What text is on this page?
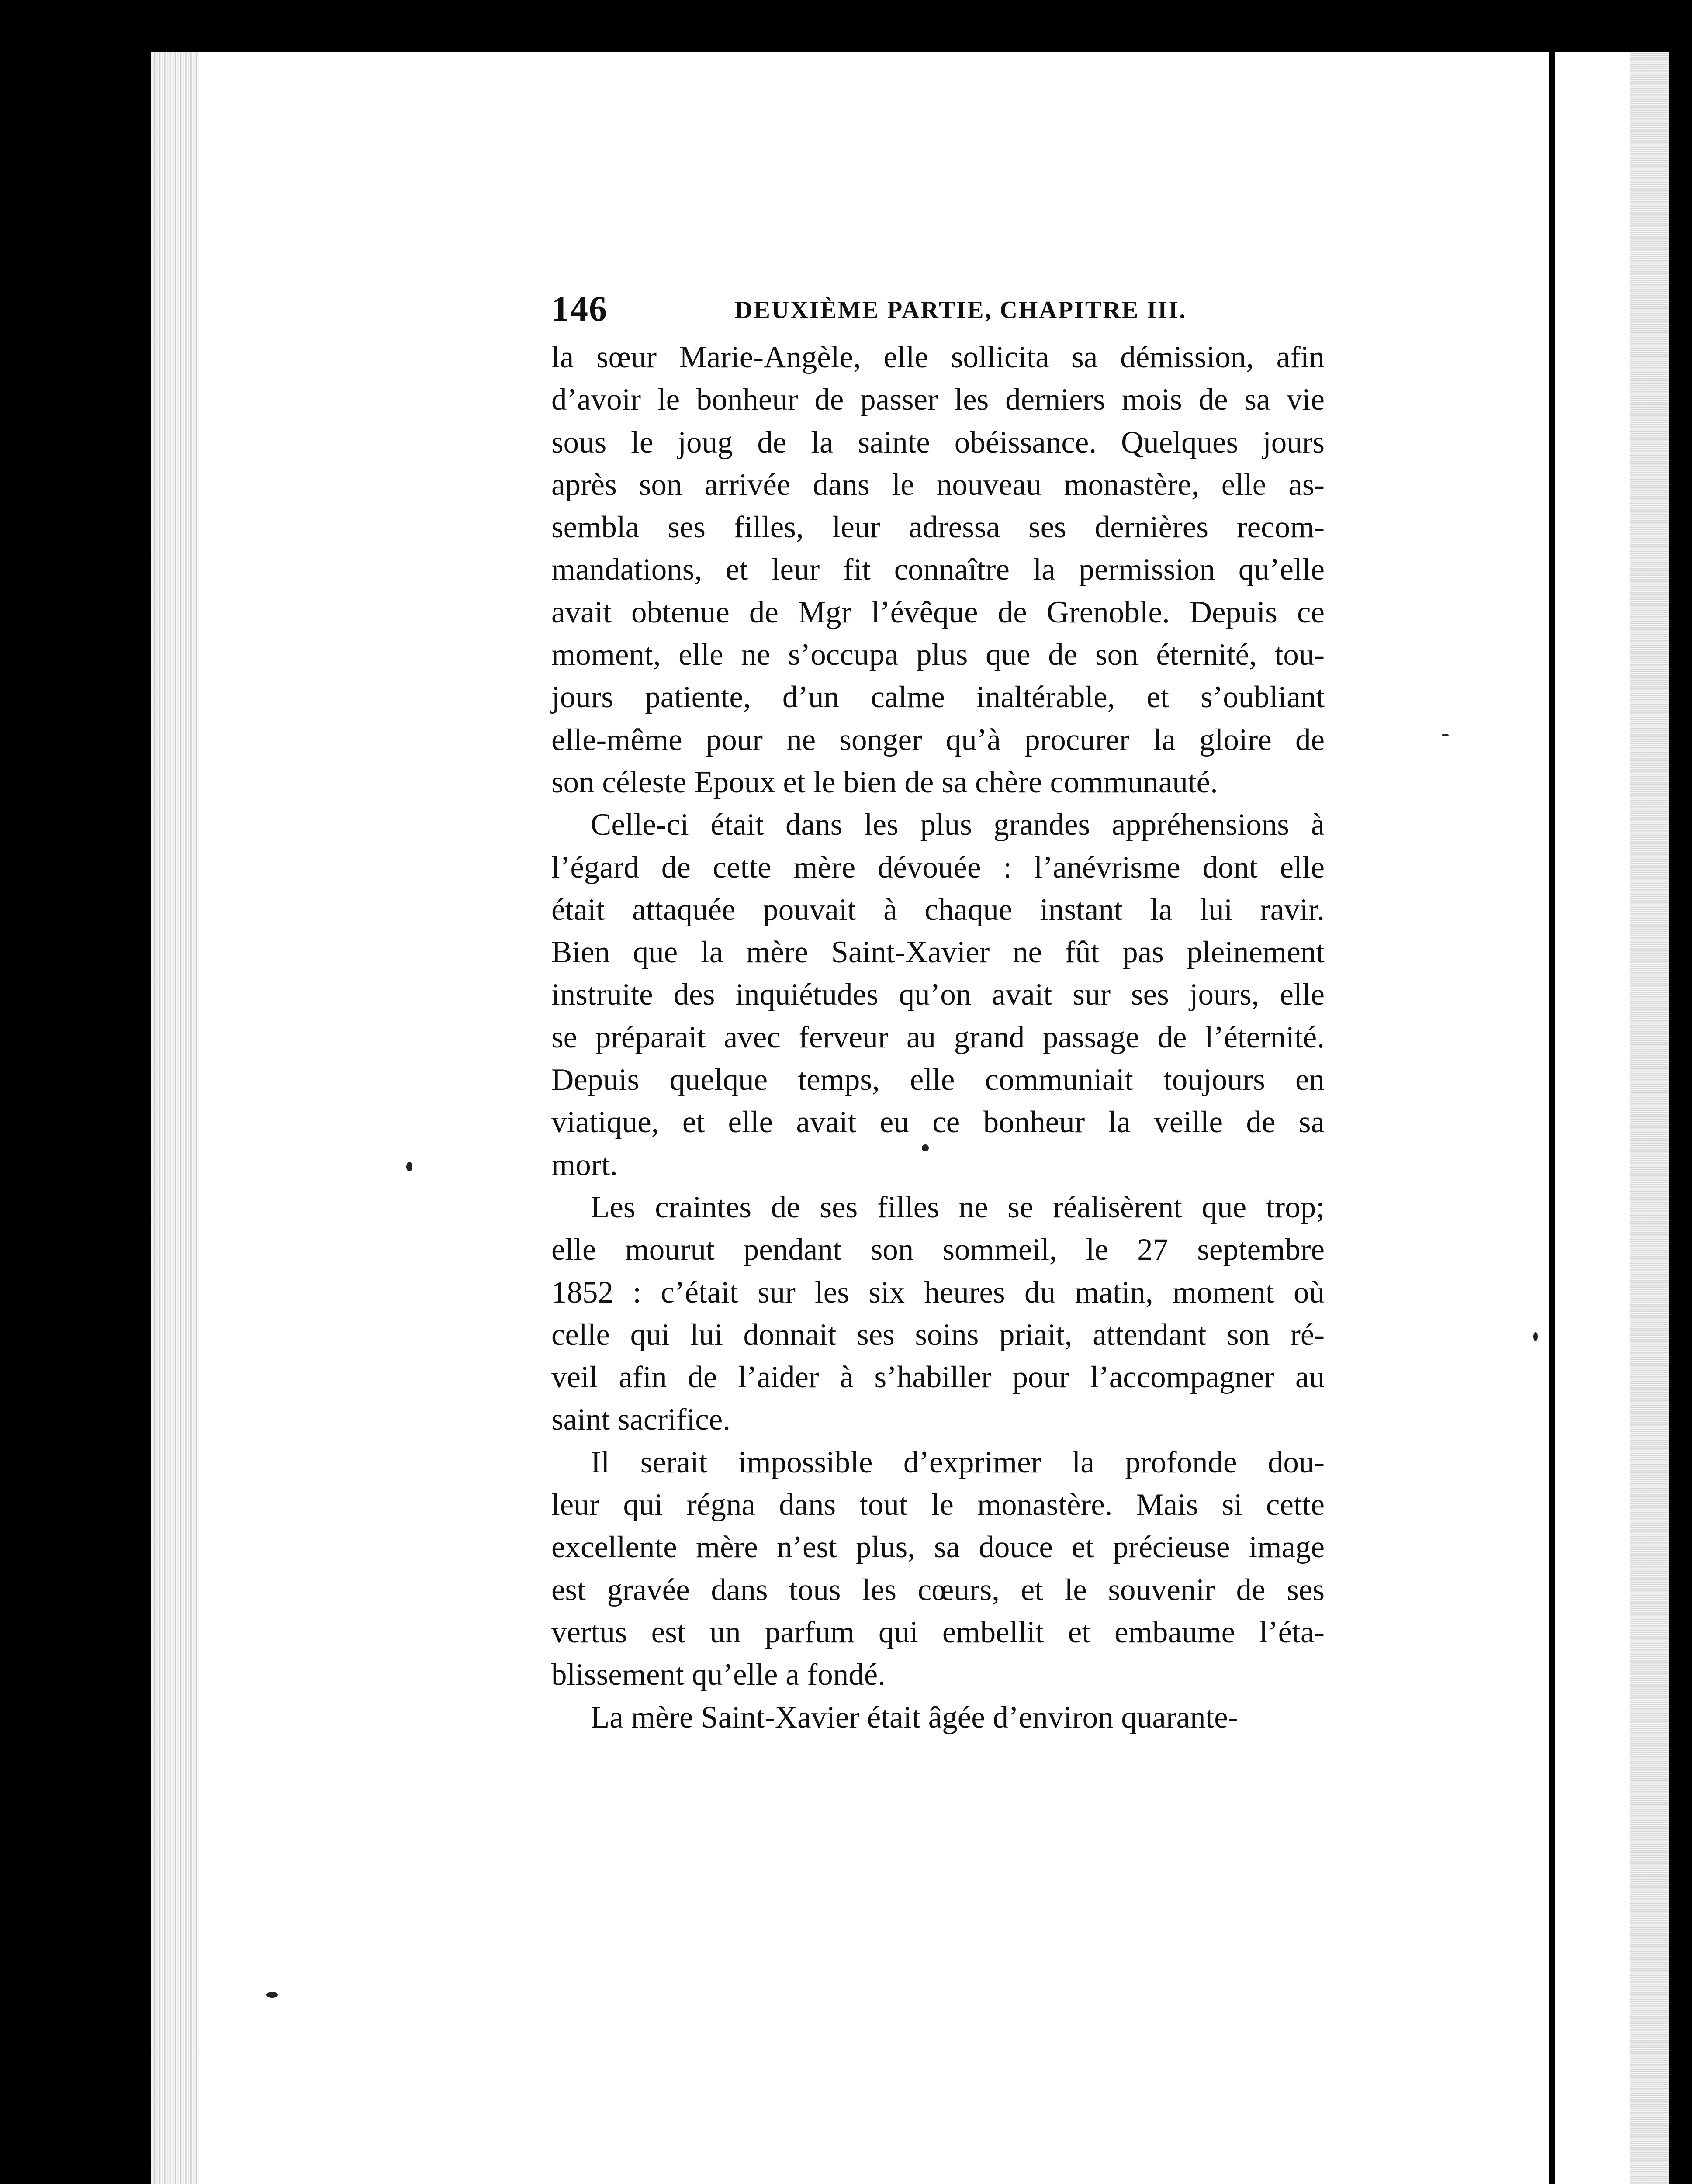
146	DEUXIÈME PARTIE, CHAPITRE III.
la sœur Marie-Angèle, elle sollicita sa démission, afin
d’avoir le bonheur de passer les derniers mois de sa vie
sous le joug de la sainte obéissance. Quelques jours
après son arrivée dans le nouveau monastère, elle as-
sembla ses filles, leur adressa ses dernières recom-
mandations, et leur fit connaître la permission qu’elle
avait obtenue de Mgr l’évêque de Grenoble. Depuis ce
moment, elle ne s’occupa plus que de son éternité, tou-
jours patiente, d’un calme inaltérable, et s’oubliant
elle-même pour ne songer qu’à procurer la gloire de
son céleste Epoux et le bien de sa chère communauté.
Celle-ci était dans les plus grandes appréhensions à
l’égard de cette mère dévouée : l’anévrisme dont elle
était attaquée pouvait à chaque instant la lui ravir.
Bien que la mère Saint-Xavier ne fût pas pleinement
instruite des inquiétudes qu’on avait sur ses jours, elle
se préparait avec ferveur au grand passage de l’éternité.
Depuis quelque temps, elle communiait toujours en
viatique, et elle avait eu ce bonheur la veille de sa
mort.
Les craintes de ses filles ne se réalisèrent que trop;
elle mourut pendant son sommeil, le 27 septembre
1852 : c’était sur les six heures du matin, moment où
celle qui lui donnait ses soins priait, attendant son ré-
veil afin de l’aider à s’habiller pour l’accompagner au
saint sacrifice.
Il serait impossible d’exprimer la profonde dou-
leur qui régna dans tout le monastère. Mais si cette
excellente mère n’est plus, sa douce et précieuse image
est gravée dans tous les cœurs, et le souvenir de ses
vertus est un parfum qui embellit et embaume l’éta-
blissement qu’elle a fondé.
La mère Saint-Xavier était âgée d’environ quarante-
